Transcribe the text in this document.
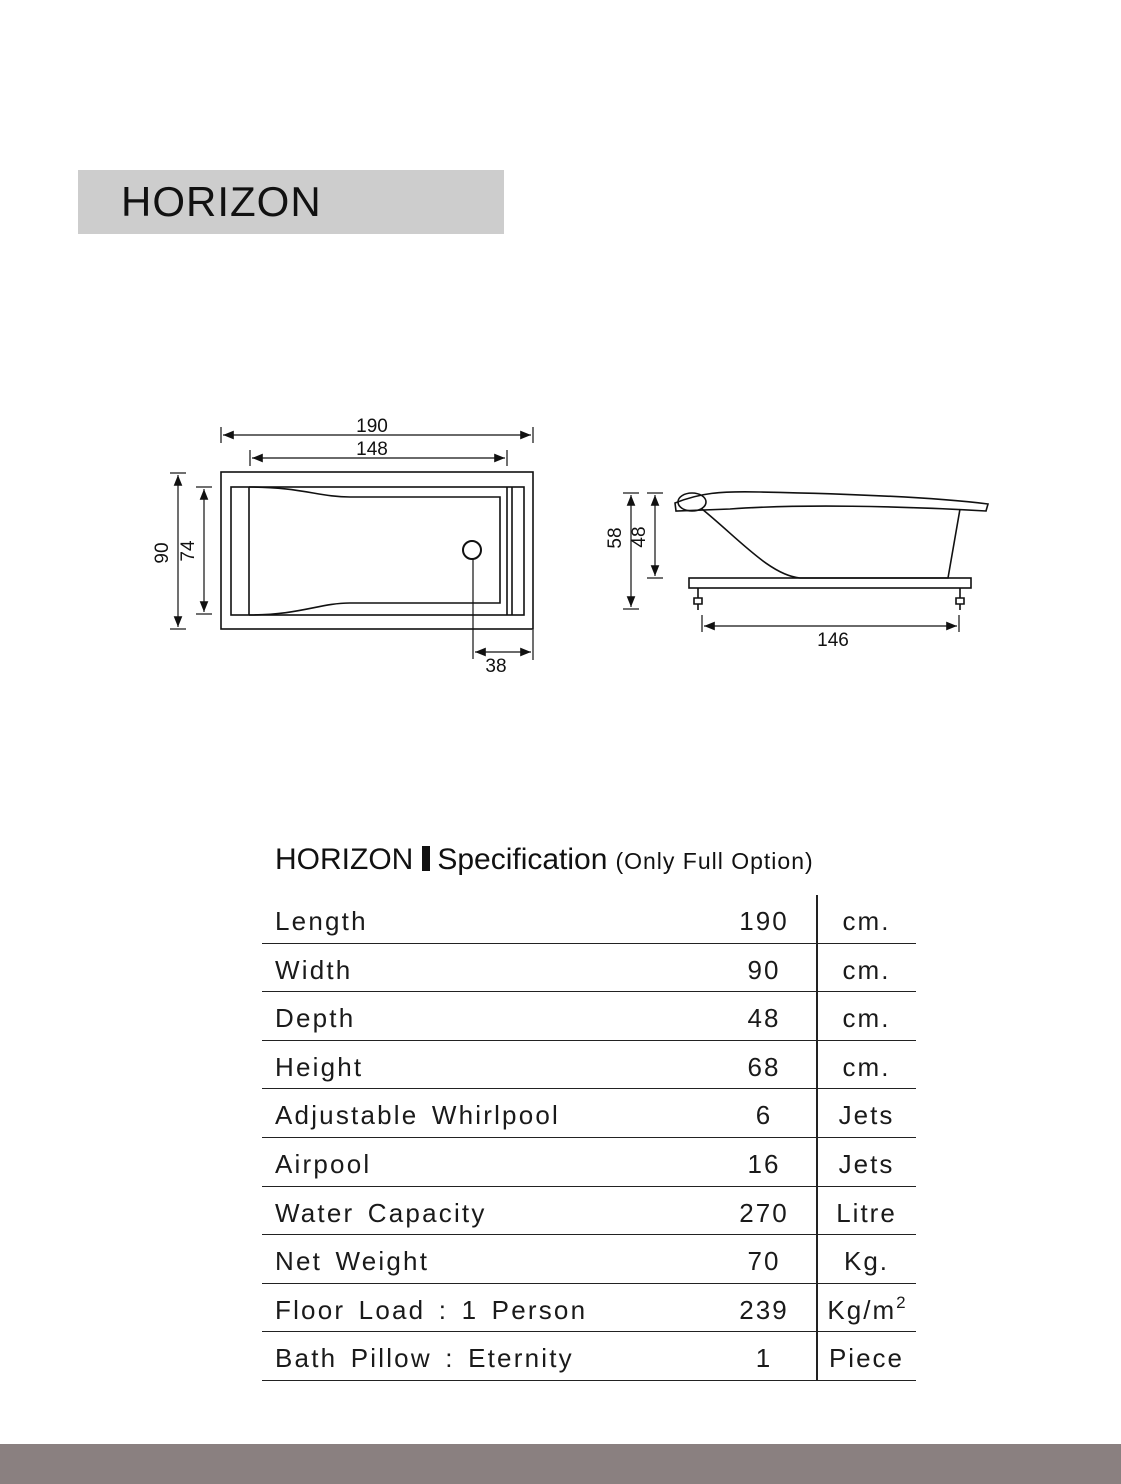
HORIZON
190
148
90 74
38
58 48
146
HORIZON Specification (Only Full Option)
Length	190	cm.
Width	90	cm.
Depth	48	cm.
Height	68	cm.
Adjustable Whirlpool	6	Jets
Airpool	16	Jets
Water Capacity	270	Litre
Net Weight	70	Kg.
Floor Load : 1 Person	239	$Kg/m^2$
Bath Pillow : Eternity	1	Piece
